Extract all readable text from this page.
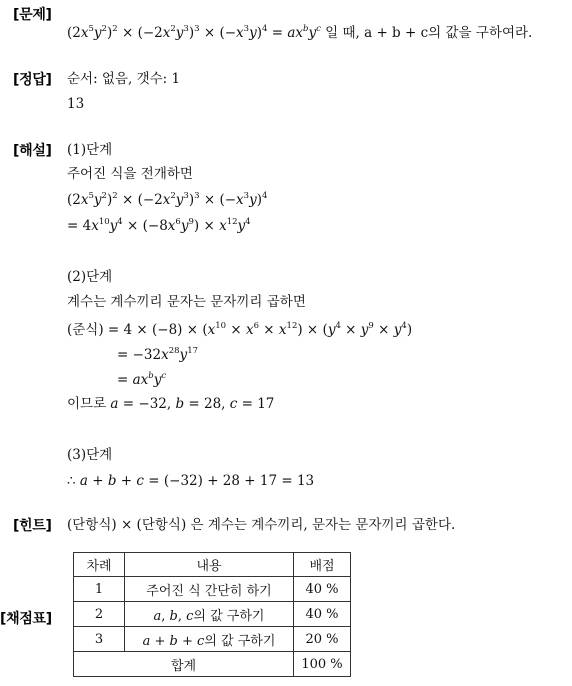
[문제]
$(2x^5y^2)^2 \times (-2x^2y^3)^3 \times (-x^3y)^4 = ax^by^c$ 일 때, a + b + c의 값을 구하여라.
[정답] 순서: 없음, 갯수: 1
13
[해설] (1)단계
주어진 식을 전개하면
$(2x^5y^2)^2 \times (-2x^2y^3)^3 \times (-x^3y)^4$
= $4x^{10}y^4 \times (-8x^6y^9) \times x^{12}y^4$
(2)단계
계수는 계수끼리 문자는 문자끼리 곱하면
(준식) = $4 \times (-8) \times (x^{10} \times x^6 \times x^{12}) \times (y^4 \times y^9 \times y^4)$
= $-32x^{28}y^{17}$
= $ax^by^c$
이므로 a = −32, b = 28, c = 17
(3)단계
∴ a + b + c = (−32) + 28 + 17 = 13
[힌트] (단항식) × (단항식) 은 계수는 계수끼리, 문자는 문자끼리 곱한다.
[채점표]
차례	내용	배점
1	주어진 식 간단히 하기	40 %
2	a, b, c의 값 구하기	40 %
3	a + b + c의 값 구하기	20 %
합계		100 %
